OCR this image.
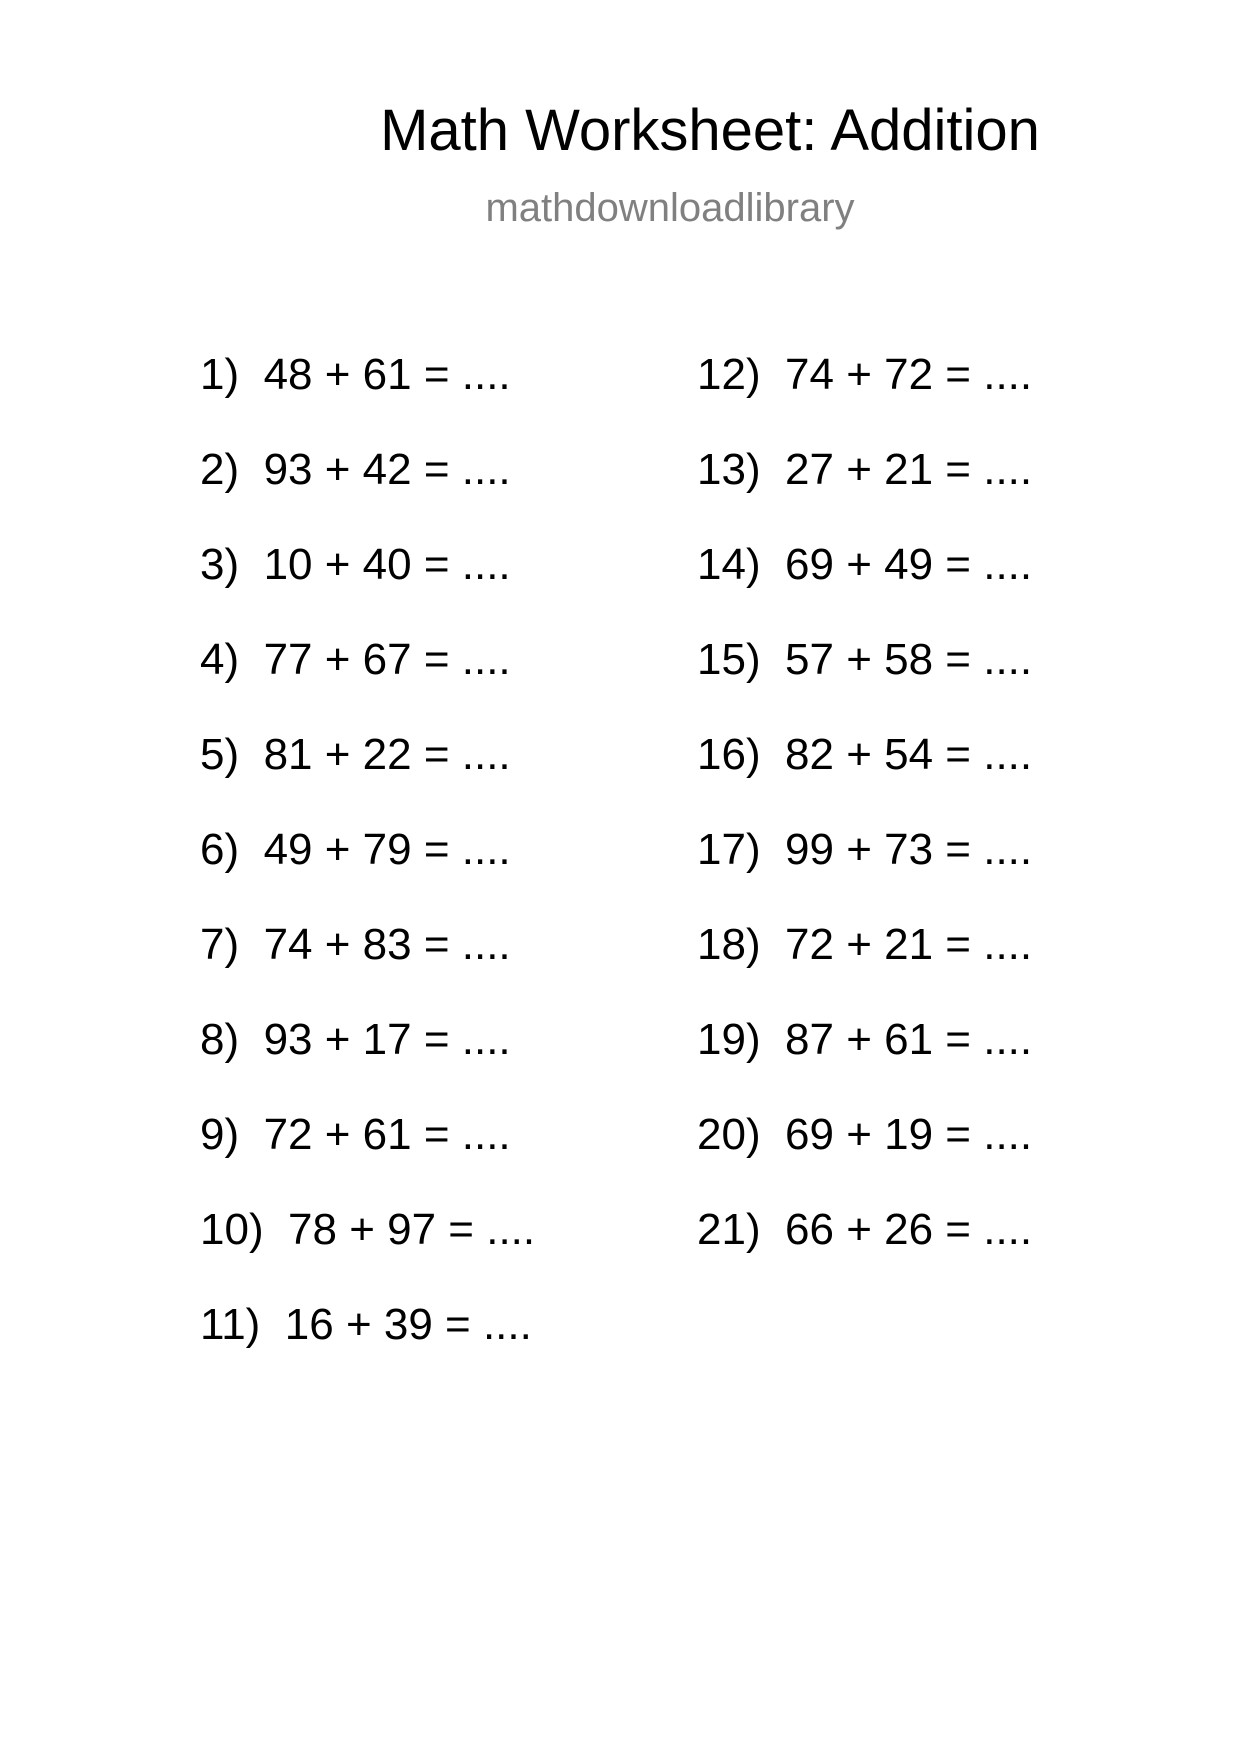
Math Worksheet: Addition
mathdownloadlibrary
1)  48 + 61 = ....
2)  93 + 42 = ....
3)  10 + 40 = ....
4)  77 + 67 = ....
5)  81 + 22 = ....
6)  49 + 79 = ....
7)  74 + 83 = ....
8)  93 + 17 = ....
9)  72 + 61 = ....
10)  78 + 97 = ....
11)  16 + 39 = ....
12)  74 + 72 = ....
13)  27 + 21 = ....
14)  69 + 49 = ....
15)  57 + 58 = ....
16)  82 + 54 = ....
17)  99 + 73 = ....
18)  72 + 21 = ....
19)  87 + 61 = ....
20)  69 + 19 = ....
21)  66 + 26 = ....
